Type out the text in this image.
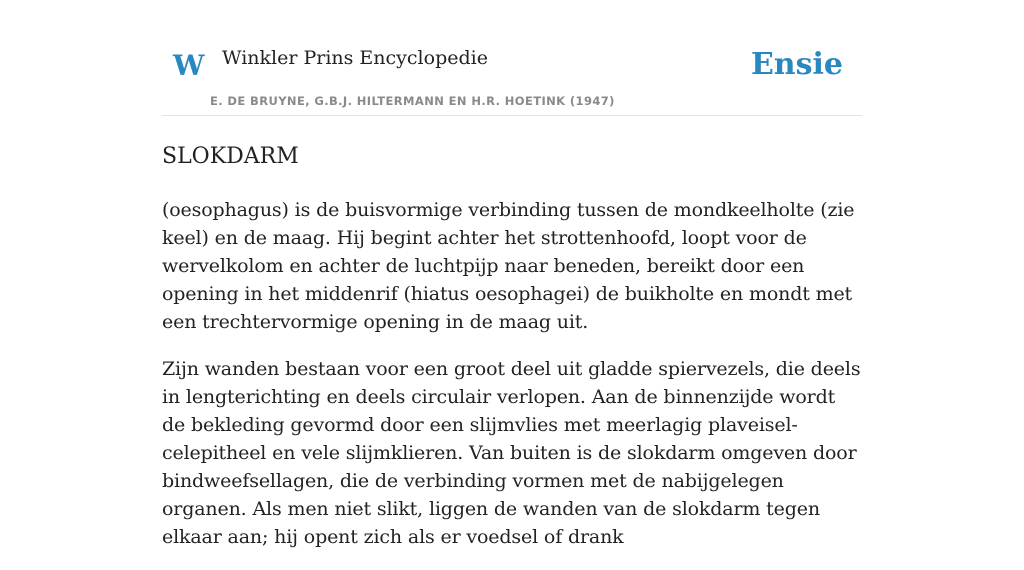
W Winkler Prins Encyclopedie
E. DE BRUYNE, G.B.J. HILTERMANN EN H.R. HOETINK (1947)
Ensie
SLOKDARM

(oesophagus) is de buisvormige verbinding tussen de mondkeelholte (zie keel) en de maag. Hij begint achter het strottenhoofd, loopt voor de wervelkolom en achter de luchtpijp naar beneden, bereikt door een opening in het middenrif (hiatus oesophagei) de buikholte en mondt met een trechtervormige opening in de maag uit.

Zijn wanden bestaan voor een groot deel uit gladde spiervezels, die deels in lengterichting en deels circulair verlopen. Aan de binnenzijde wordt de bekleding gevormd door een slijmvlies met meerlagig plaveisel-celepitheel en vele slijmklieren. Van buiten is de slokdarm omgeven door bindweefsellagen, die de verbinding vormen met de nabijgelegen organen. Als men niet slikt, liggen de wanden van de slokdarm tegen elkaar aan; hij opent zich als er voedsel of drank
